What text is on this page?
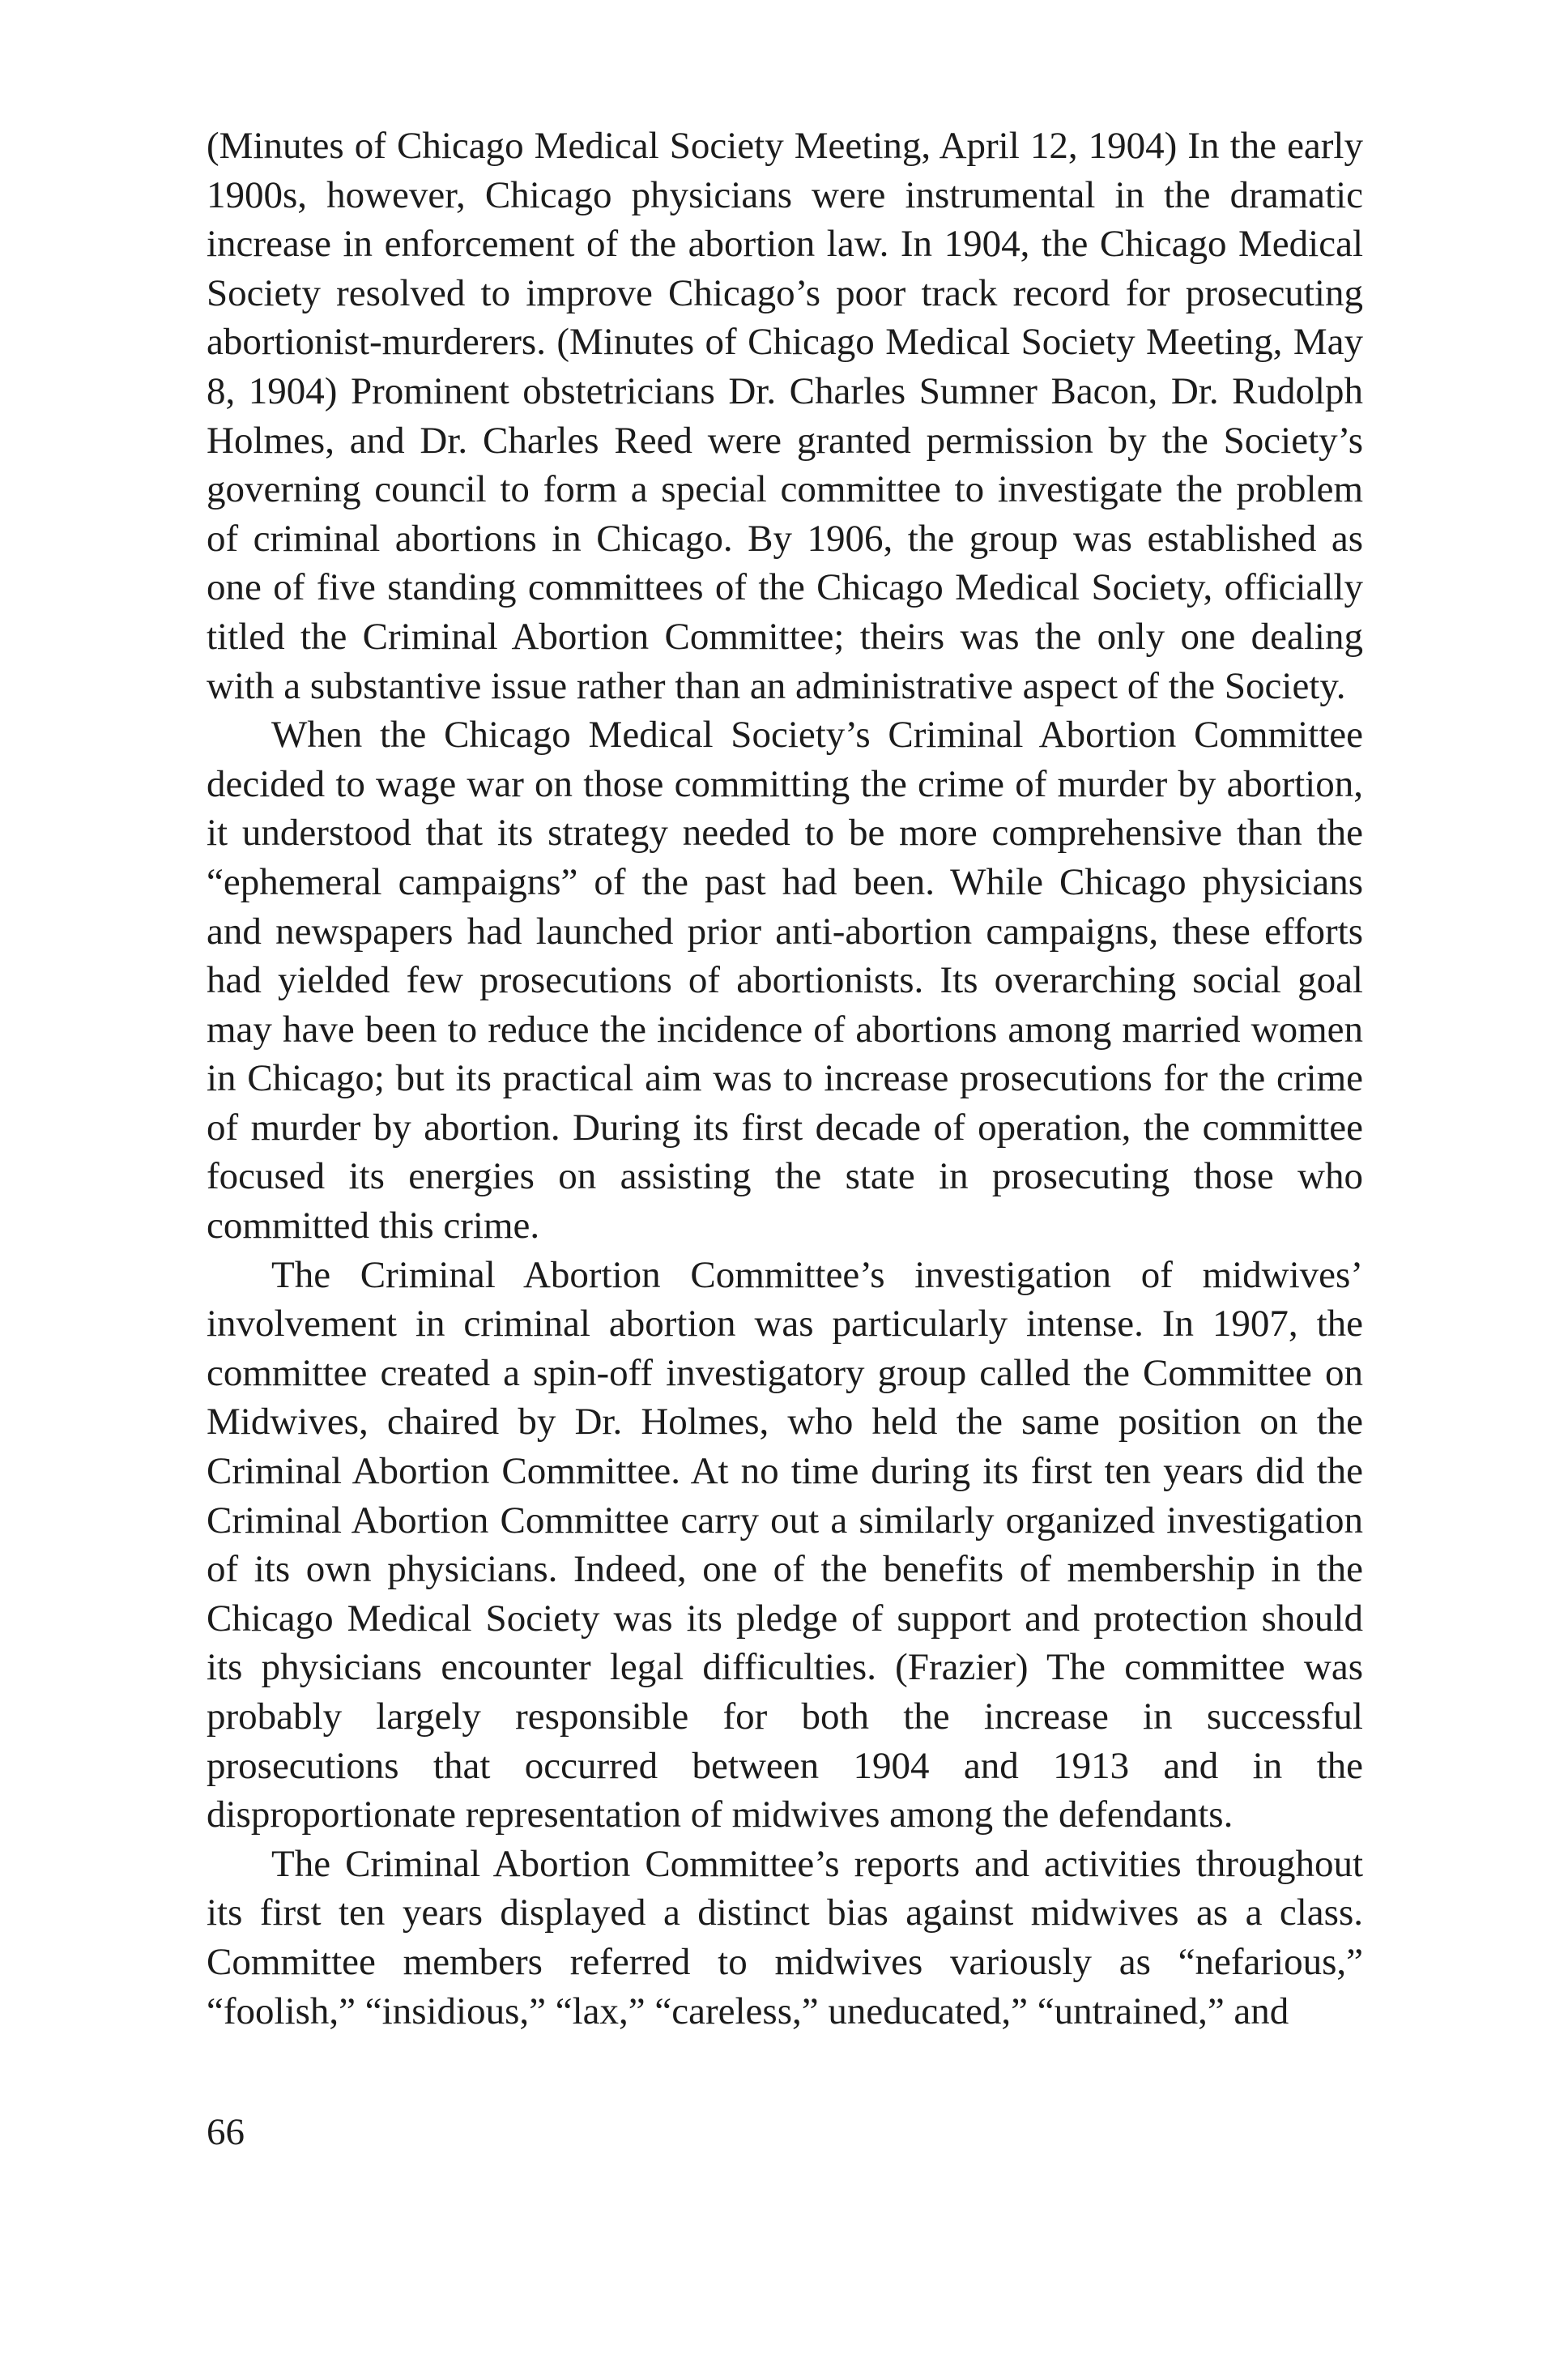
(Minutes of Chicago Medical Society Meeting, April 12, 1904) In the early 1900s, however, Chicago physicians were instrumental in the dramatic increase in enforcement of the abortion law. In 1904, the Chicago Medical Society resolved to improve Chicago’s poor track record for prosecuting abortionist-murderers. (Minutes of Chicago Medical Society Meeting, May 8, 1904) Prominent obstetricians Dr. Charles Sumner Bacon, Dr. Rudolph Holmes, and Dr. Charles Reed were granted permission by the Society’s governing council to form a special committee to investigate the problem of criminal abortions in Chicago. By 1906, the group was established as one of five standing committees of the Chicago Medical Society, officially titled the Criminal Abortion Committee; theirs was the only one dealing with a substantive issue rather than an administrative aspect of the Society.

When the Chicago Medical Society’s Criminal Abortion Committee decided to wage war on those committing the crime of murder by abortion, it understood that its strategy needed to be more comprehensive than the “ephemeral campaigns” of the past had been. While Chicago physicians and newspapers had launched prior anti-abortion campaigns, these efforts had yielded few prosecutions of abortionists. Its overarching social goal may have been to reduce the incidence of abortions among married women in Chicago; but its practical aim was to increase prosecutions for the crime of murder by abortion. During its first decade of operation, the committee focused its energies on assisting the state in prosecuting those who committed this crime.

The Criminal Abortion Committee’s investigation of midwives’ involvement in criminal abortion was particularly intense. In 1907, the committee created a spin-off investigatory group called the Committee on Midwives, chaired by Dr. Holmes, who held the same position on the Criminal Abortion Committee. At no time during its first ten years did the Criminal Abortion Committee carry out a similarly organized investigation of its own physicians. Indeed, one of the benefits of membership in the Chicago Medical Society was its pledge of support and protection should its physicians encounter legal difficulties. (Frazier) The committee was probably largely responsible for both the increase in successful prosecutions that occurred between 1904 and 1913 and in the disproportionate representation of midwives among the defendants.

The Criminal Abortion Committee’s reports and activities throughout its first ten years displayed a distinct bias against midwives as a class. Committee members referred to midwives variously as “nefarious,” “foolish,” “insidious,” “lax,” “careless,” uneducated,” “untrained,” and

66
